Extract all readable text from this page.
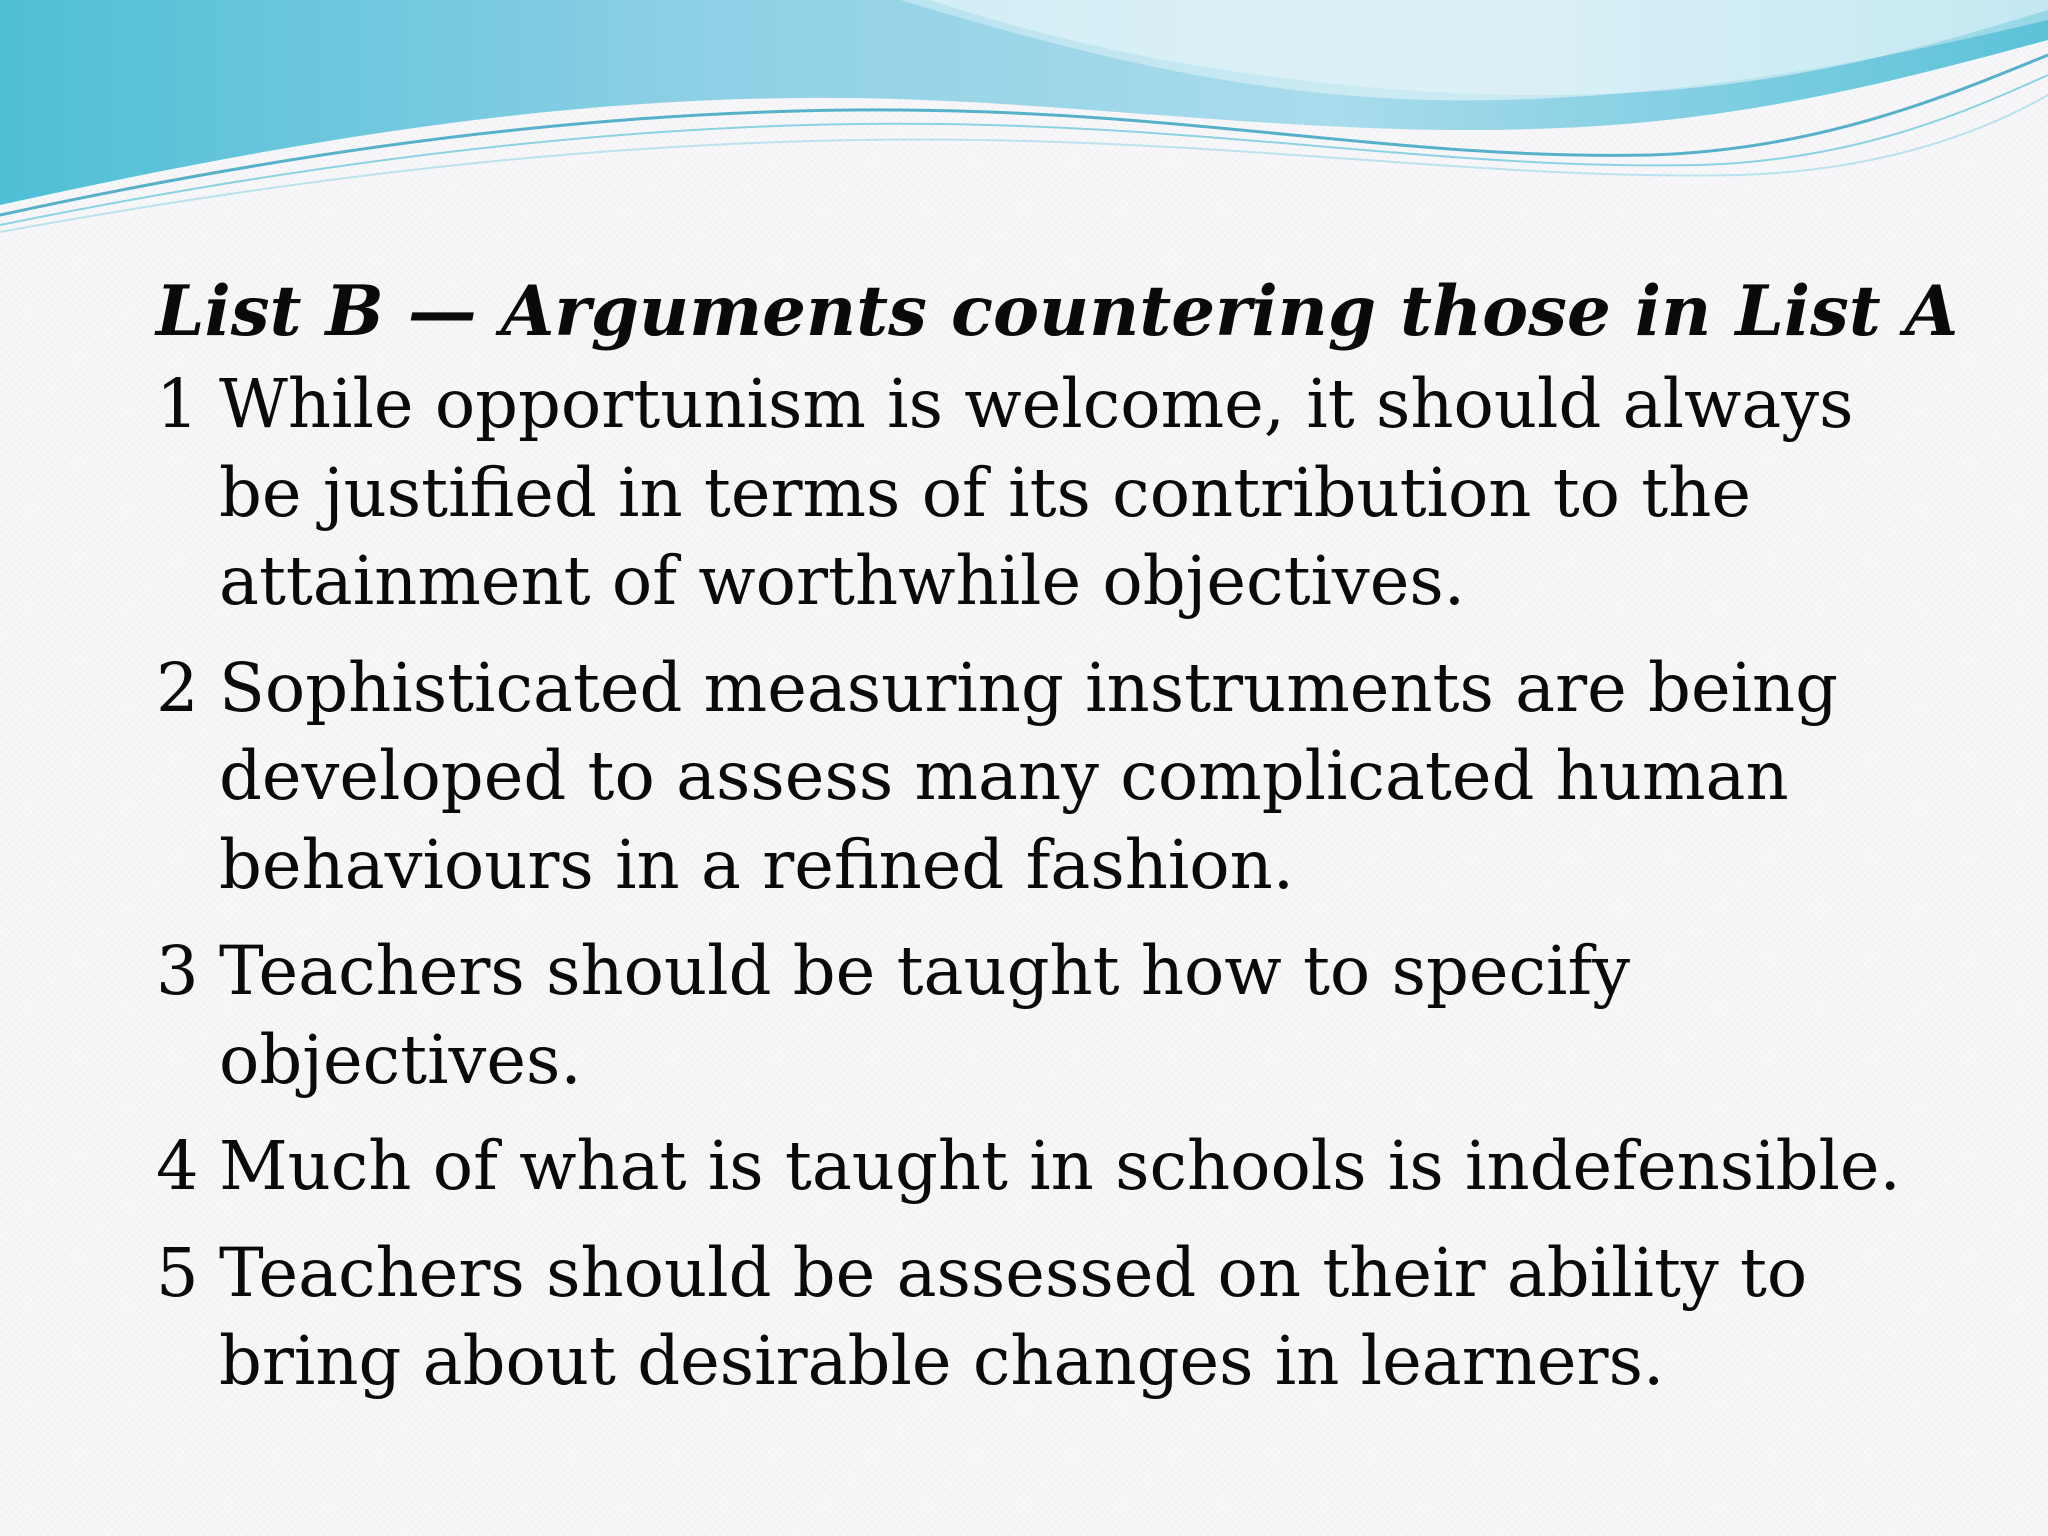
List B — Arguments countering those in List A
1 While opportunism is welcome, it should always be justified in terms of its contribution to the attainment of worthwhile objectives.
2 Sophisticated measuring instruments are being developed to assess many complicated human behaviours in a refined fashion.
3 Teachers should be taught how to specify objectives.
4 Much of what is taught in schools is indefensible.
5 Teachers should be assessed on their ability to bring about desirable changes in learners.
